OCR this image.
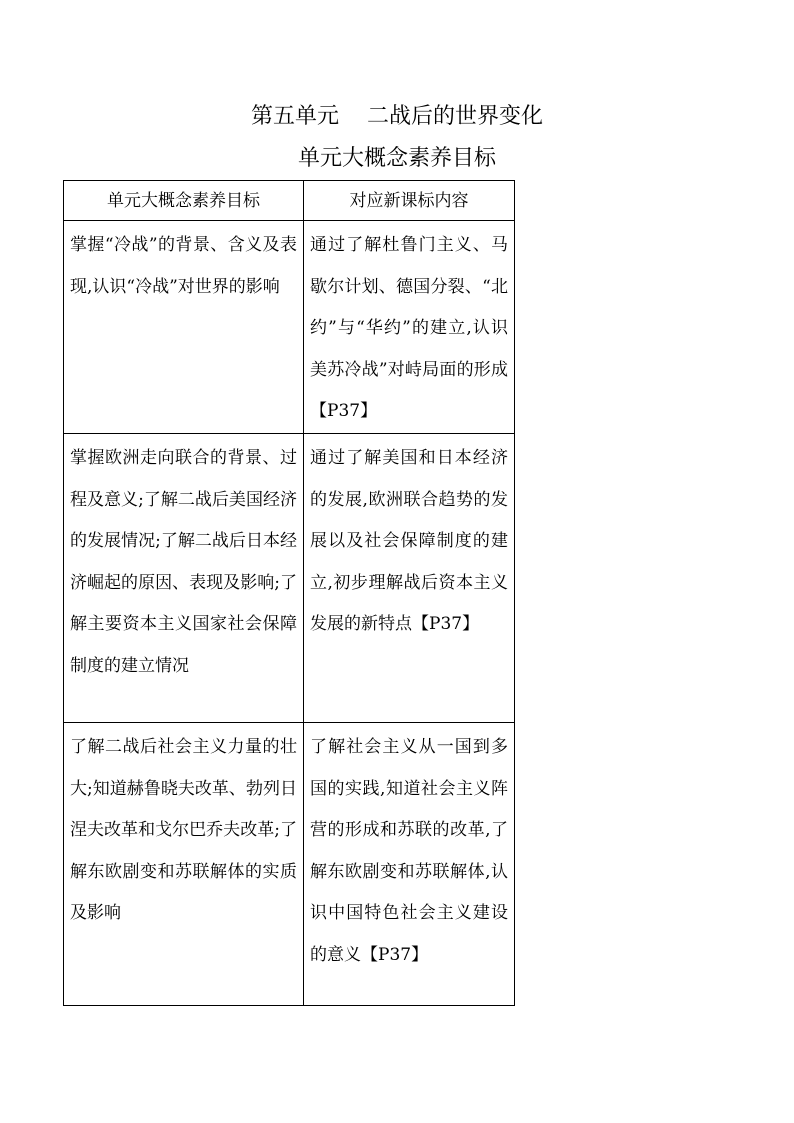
第五单元    二战后的世界变化
单元大概念素养目标
单元大概念素养目标	对应新课标内容
掌握“冷战”的背景、含义及表现,认识“冷战”对世界的影响	通过了解杜鲁门主义、马歇尔计划、德国分裂、“北约”与“华约”的建立,认识美苏冷战”对峙局面的形成【P37】
掌握欧洲走向联合的背景、过程及意义;了解二战后美国经济的发展情况;了解二战后日本经济崛起的原因、表现及影响;了解主要资本主义国家社会保障制度的建立情况	通过了解美国和日本经济的发展,欧洲联合趋势的发展以及社会保障制度的建立,初步理解战后资本主义发展的新特点【P37】
了解二战后社会主义力量的壮大;知道赫鲁晓夫改革、勃列日涅夫改革和戈尔巴乔夫改革;了解东欧剧变和苏联解体的实质及影响	了解社会主义从一国到多国的实践,知道社会主义阵营的形成和苏联的改革,了解东欧剧变和苏联解体,认识中国特色社会主义建设的意义【P37】
